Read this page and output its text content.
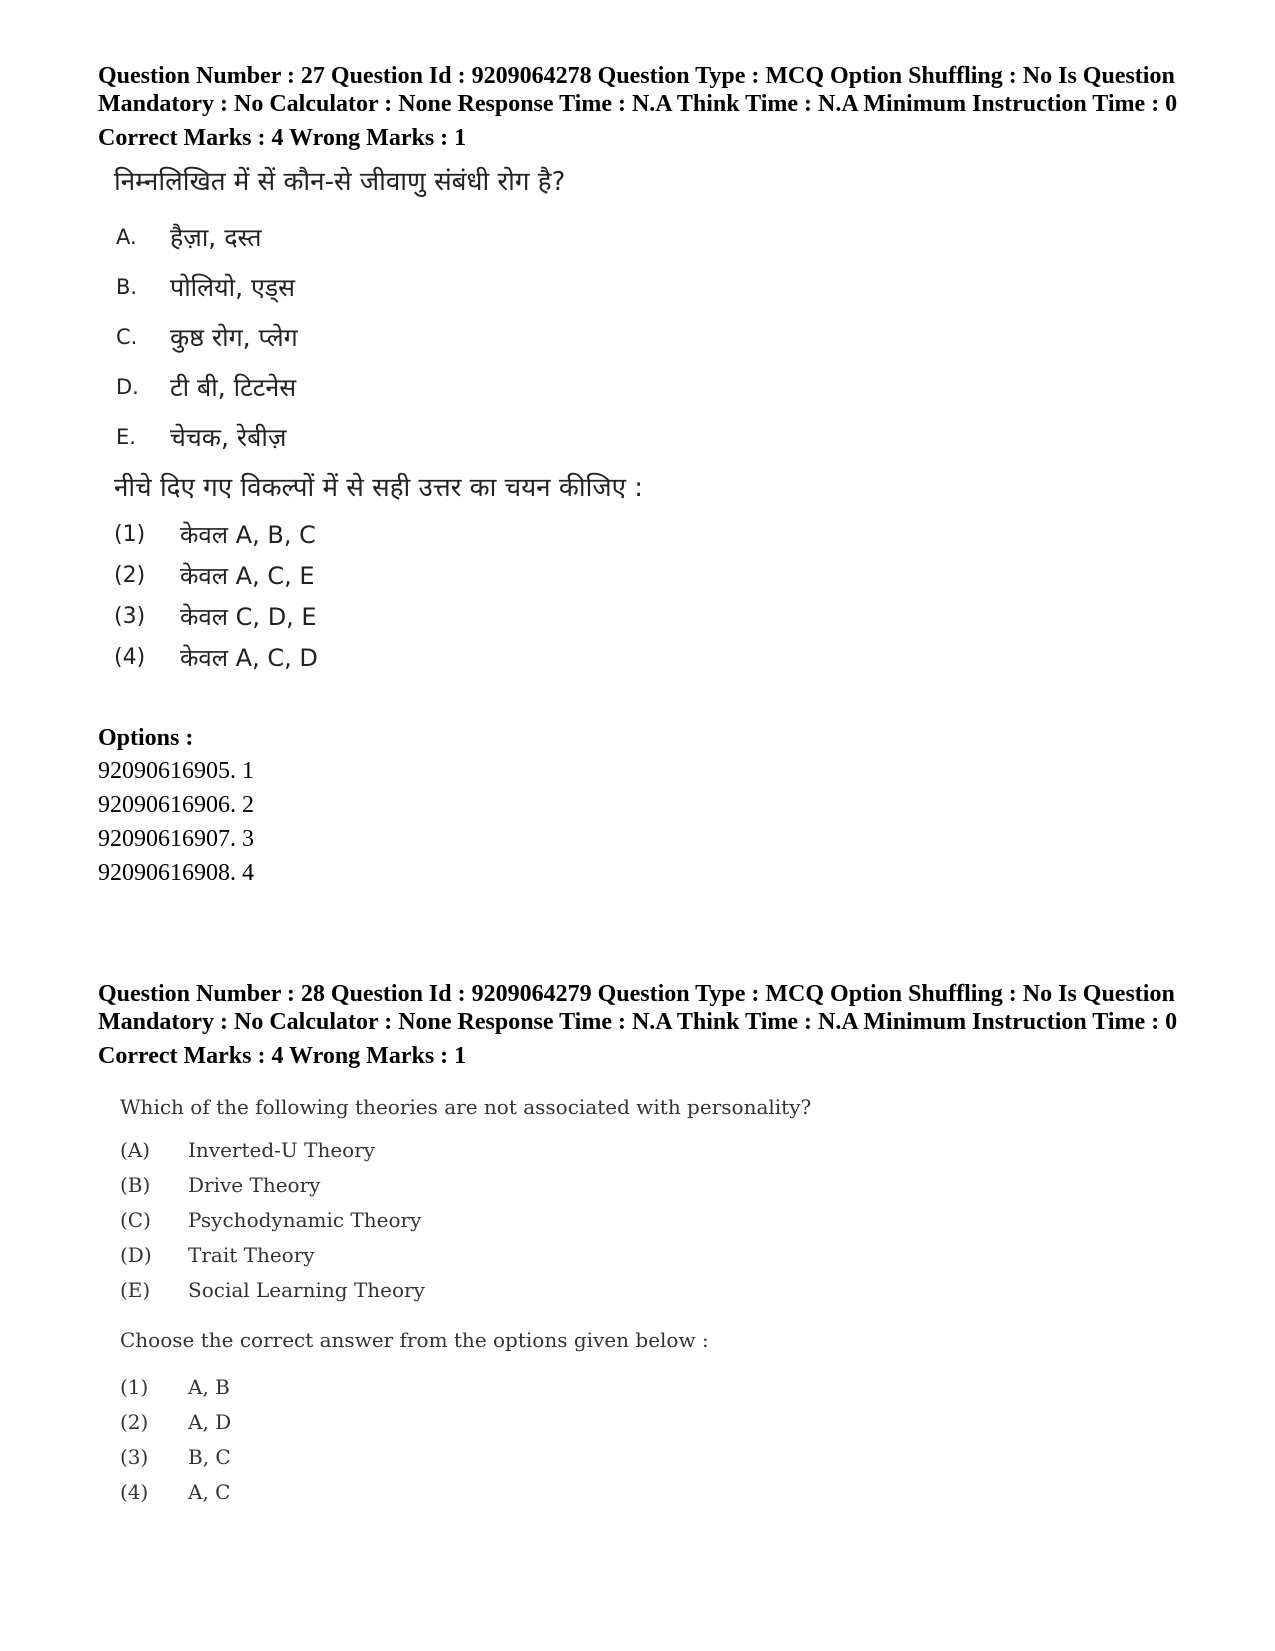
Question Number : 27 Question Id : 9209064278 Question Type : MCQ Option Shuffling : No Is Question Mandatory : No Calculator : None Response Time : N.A Think Time : N.A Minimum Instruction Time : 0

Correct Marks : 4 Wrong Marks : 1

निम्नलिखित में सें कौन-से जीवाणु संबंधी रोग है?

A.	हैज़ा, दस्त
B.	पोलियो, एड्स
C.	कुष्ठ रोग, प्लेग
D.	टी बी, टिटनेस
E.	चेचक, रेबीज़

नीचे दिए गए विकल्पों में से सही उत्तर का चयन कीजिए :

(1)	केवल A, B, C
(2)	केवल A, C, E
(3)	केवल C, D, E
(4)	केवल A, C, D
Options :
92090616905. 1
92090616906. 2
92090616907. 3
92090616908. 4

Question Number : 28 Question Id : 9209064279 Question Type : MCQ Option Shuffling : No Is Question Mandatory : No Calculator : None Response Time : N.A Think Time : N.A Minimum Instruction Time : 0

Correct Marks : 4 Wrong Marks : 1

Which of the following theories are not associated with personality?

(A)	Inverted-U Theory
(B)	Drive Theory
(C)	Psychodynamic Theory
(D)	Trait Theory
(E)	Social Learning Theory

Choose the correct answer from the options given below :

(1)	A, B
(2)	A, D
(3)	B, C
(4)	A, C
